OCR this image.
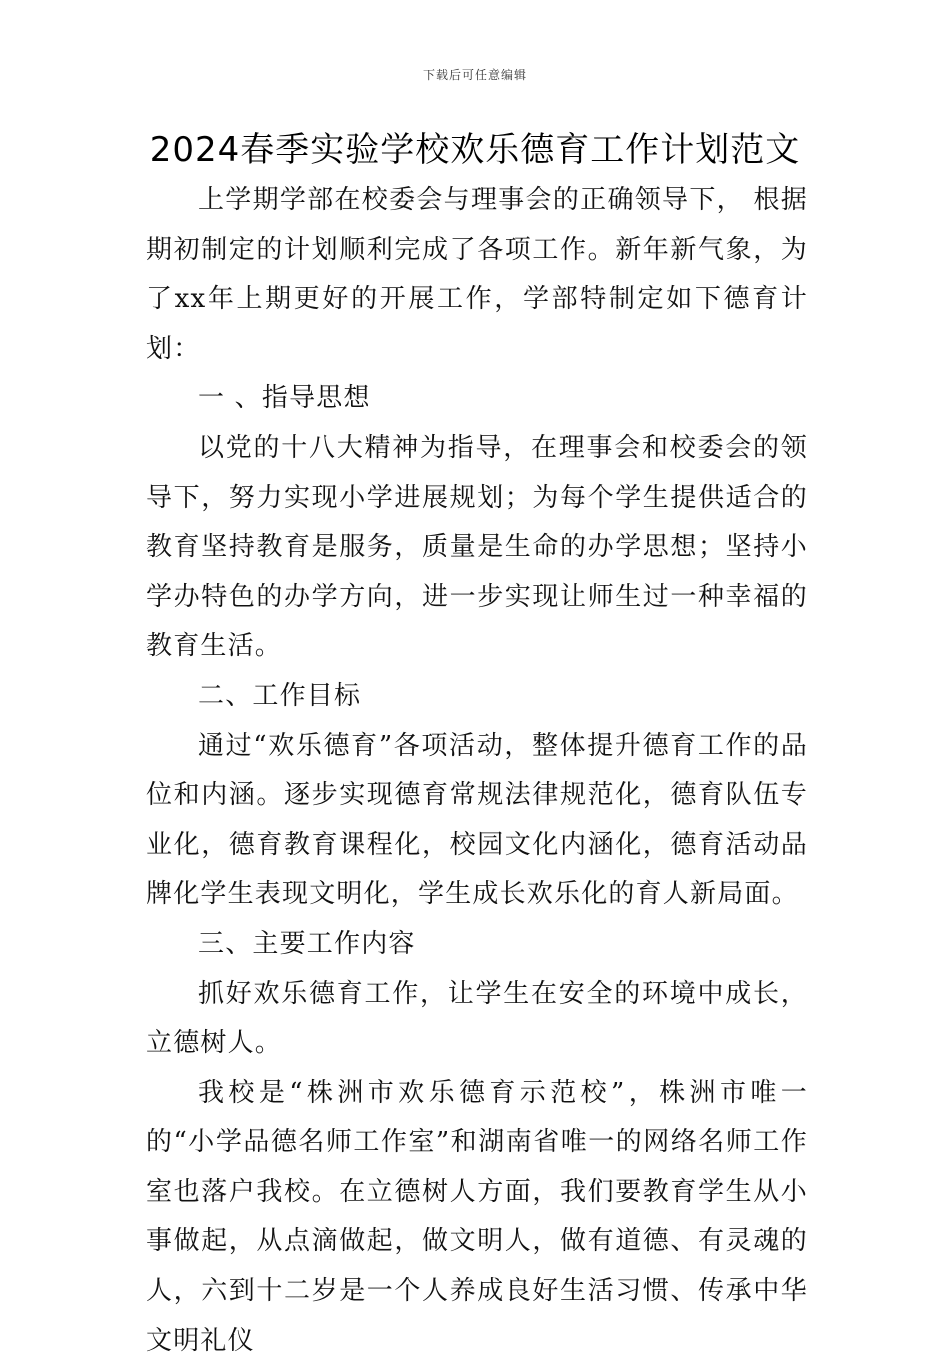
下载后可任意编辑
2024春季实验学校欢乐德育工作计划范文

上学期学部在校委会与理事会的正确领导下， 根据期初制定的计划顺利完成了各项工作。新年新气象，为了xx年上期更好的开展工作，学部特制定如下德育计划：

一 、指导思想

以党的十八大精神为指导，在理事会和校委会的领导下，努力实现小学进展规划；为每个学生提供适合的教育坚持教育是服务，质量是生命的办学思想；坚持小学办特色的办学方向，进一步实现让师生过一种幸福的教育生活。

二、工作目标

通过“欢乐德育”各项活动，整体提升德育工作的品位和内涵。逐步实现德育常规法律规范化，德育队伍专业化，德育教育课程化，校园文化内涵化，德育活动品牌化学生表现文明化，学生成长欢乐化的育人新局面。

三、主要工作内容

抓好欢乐德育工作，让学生在安全的环境中成长，立德树人。

我校是“株洲市欢乐德育示范校”，株洲市唯一的“小学品德名师工作室”和湖南省唯一的网络名师工作室也落户我校。在立德树人方面，我们要教育学生从小事做起，从点滴做起，做文明人，做有道德、有灵魂的人，六到十二岁是一个人养成良好生活习惯、传承中华文明礼仪
